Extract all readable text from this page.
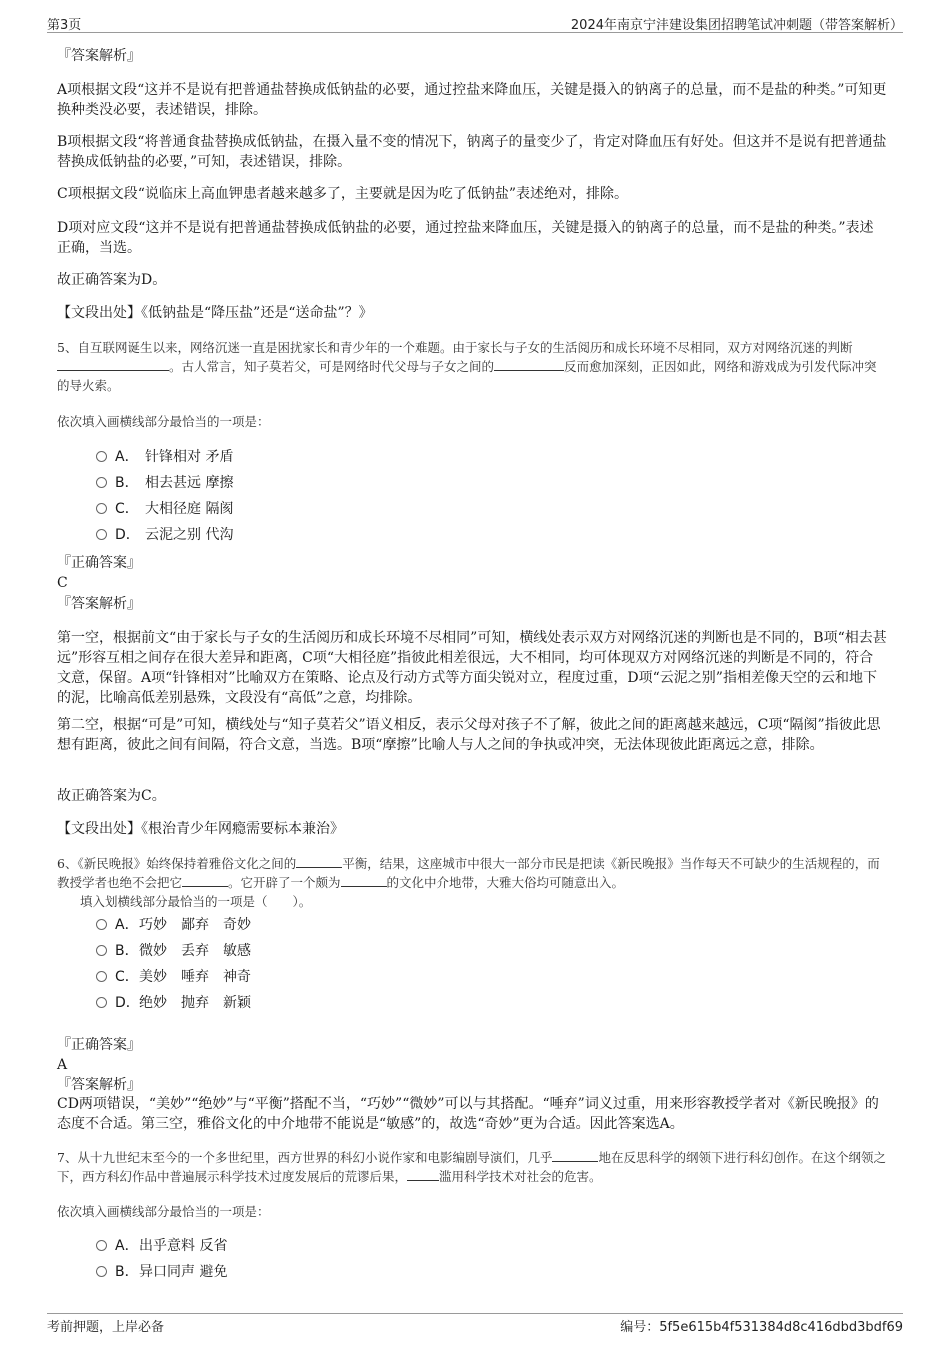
第3页	2024年南京宁沣建设集团招聘笔试冲刺题（带答案解析）
『答案解析』
A项根据文段“这并不是说有把普通盐替换成低钠盐的必要，通过控盐来降血压，关键是摄入的钠离子的总量，而不是盐的种类。”可知更换种类没必要，表述错误，排除。
B项根据文段“将普通食盐替换成低钠盐，在摄入量不变的情况下，钠离子的量变少了，肯定对降血压有好处。但这并不是说有把普通盐替换成低钠盐的必要，”可知，表述错误，排除。
C项根据文段“说临床上高血钾患者越来越多了，主要就是因为吃了低钠盐”表述绝对，排除。
D项对应文段“这并不是说有把普通盐替换成低钠盐的必要，通过控盐来降血压，关键是摄入的钠离子的总量，而不是盐的种类。”表述正确，当选。
故正确答案为D。
【文段出处】《低钠盐是“降压盐”还是“送命盐”？》
5、自互联网诞生以来，网络沉迷一直是困扰家长和青少年的一个难题。由于家长与子女的生活阅历和成长环境不尽相同，双方对网络沉迷的判断。古人常言，知子莫若父，可是网络时代父母与子女之间的	反而愈加深刻，正因如此，网络和游戏成为引发代际冲突的导火索。
依次填入画横线部分最恰当的一项是：
A． 针锋相对 矛盾
B． 相去甚远 摩擦
C． 大相径庭 隔阂
D． 云泥之别 代沟
『正确答案』
C
『答案解析』
第一空，根据前文“由于家长与子女的生活阅历和成长环境不尽相同”可知，横线处表示双方对网络沉迷的判断也是不同的，B项“相去甚远”形容互相之间存在很大差异和距离，C项“大相径庭”指彼此相差很远，大不相同，均可体现双方对网络沉迷的判断是不同的，符合文意，保留。A项“针锋相对”比喻双方在策略、论点及行动方式等方面尖锐对立，程度过重，D项“云泥之别”指相差像天空的云和地下的泥，比喻高低差别悬殊，文段没有“高低”之意，均排除。
第二空，根据“可是”可知，横线处与“知子莫若父”语义相反，表示父母对孩子不了解，彼此之间的距离越来越远，C项“隔阂”指彼此思想有距离，彼此之间有间隔，符合文意，当选。B项“摩擦”比喻人与人之间的争执或冲突，无法体现彼此距离远之意，排除。
故正确答案为C。
【文段出处】《根治青少年网瘾需要标本兼治》
6、《新民晚报》始终保持着雅俗文化之间的	平衡，结果，这座城市中很大一部分市民是把读《新民晚报》当作每天不可缺少的生活规程的，而教授学者也绝不会把它	。它开辟了一个颇为	的文化中介地带，大雅大俗均可随意出入。
填入划横线部分最恰当的一项是（　　）。
A．巧妙 鄙弃 奇妙
B．微妙 丢弃 敏感
C．美妙 唾弃 神奇
D．绝妙 抛弃 新颖
『正确答案』
A
『答案解析』
CD两项错误，“美妙”“绝妙”与“平衡”搭配不当，“巧妙”“微妙”可以与其搭配。“唾弃”词义过重，用来形容教授学者对《新民晚报》的态度不合适。第三空，雅俗文化的中介地带不能说是“敏感”的，故选“奇妙”更为合适。因此答案选A。
7、从十九世纪末至今的一个多世纪里，西方世界的科幻小说作家和电影编剧导演们，几乎	地在反思科学的纲领下进行科幻创作。在这个纲领之下，西方科幻作品中普遍展示科学技术过度发展后的荒谬后果，	滥用科学技术对社会的危害。
依次填入画横线部分最恰当的一项是：
A．出乎意料 反省
B．异口同声 避免
考前押题，上岸必备	编号：5f5e615b4f531384d8c416dbd3bdf69
